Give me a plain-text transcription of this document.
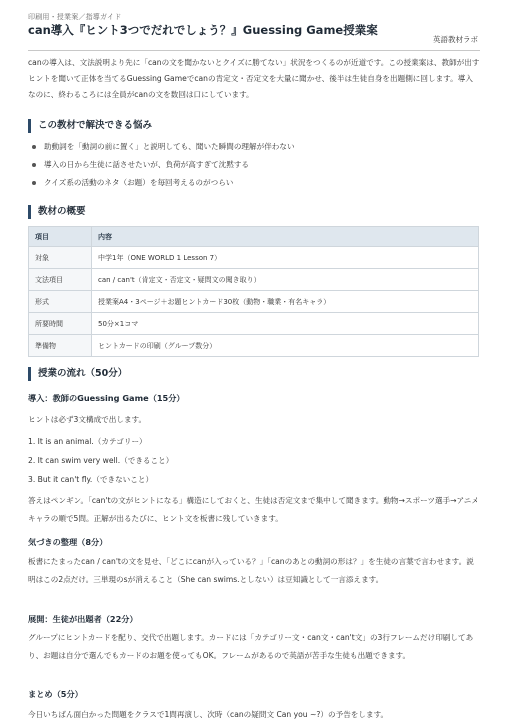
印刷用・授業案／指導ガイド
can導入『ヒント3つでだれでしょう？』Guessing Game授業案
英語教材ラボ
canの導入は、文法説明より先に「canの文を聞かないとクイズに勝てない」状況をつくるのが近道です。この授業案は、教師が出すヒントを聞いて正体を当てるGuessing Gameでcanの肯定文・否定文を大量に聞かせ、後半は生徒自身を出題側に回します。導入なのに、終わるころには全員がcanの文を数回は口にしています。
この教材で解決できる悩み
助動詞を「動詞の前に置く」と説明しても、聞いた瞬間の理解が伴わない
導入の日から生徒に話させたいが、負荷が高すぎて沈黙する
クイズ系の活動のネタ（お題）を毎回考えるのがつらい
教材の概要
項目	内容
対象	中学1年（ONE WORLD 1 Lesson 7）
文法項目	can / can't（肯定文・否定文・疑問文の聞き取り）
形式	授業案A4・3ページ＋お題ヒントカード30枚（動物・職業・有名キャラ）
所要時間	50分×1コマ
準備物	ヒントカードの印刷（グループ数分）
授業の流れ（50分）
導入：教師のGuessing Game（15分）
ヒントは必ず3文構成で出します。
1. It is an animal.（カテゴリー）
2. It can swim very well.（できること）
3. But it can't fly.（できないこと）
答えはペンギン。「can'tの文がヒントになる」構造にしておくと、生徒は否定文まで集中して聞きます。動物→スポーツ選手→アニメキャラの順で5問。正解が出るたびに、ヒント文を板書に残していきます。
気づきの整理（8分）
板書にたまったcan / can'tの文を見せ、「どこにcanが入っている？」「canのあとの動詞の形は？」を生徒の言葉で言わせます。説明はこの2点だけ。三単現のsが消えること（She can swims.としない）は豆知識として一言添えます。
展開：生徒が出題者（22分）
グループにヒントカードを配り、交代で出題します。カードには「カテゴリー文・can文・can't文」の3行フレームだけ印刷してあり、お題は自分で選んでもカードのお題を使ってもOK。フレームがあるので英語が苦手な生徒も出題できます。
まとめ（5分）
今日いちばん面白かった問題をクラスで1問再演し、次時（canの疑問文 Can you ~?）の予告をします。
